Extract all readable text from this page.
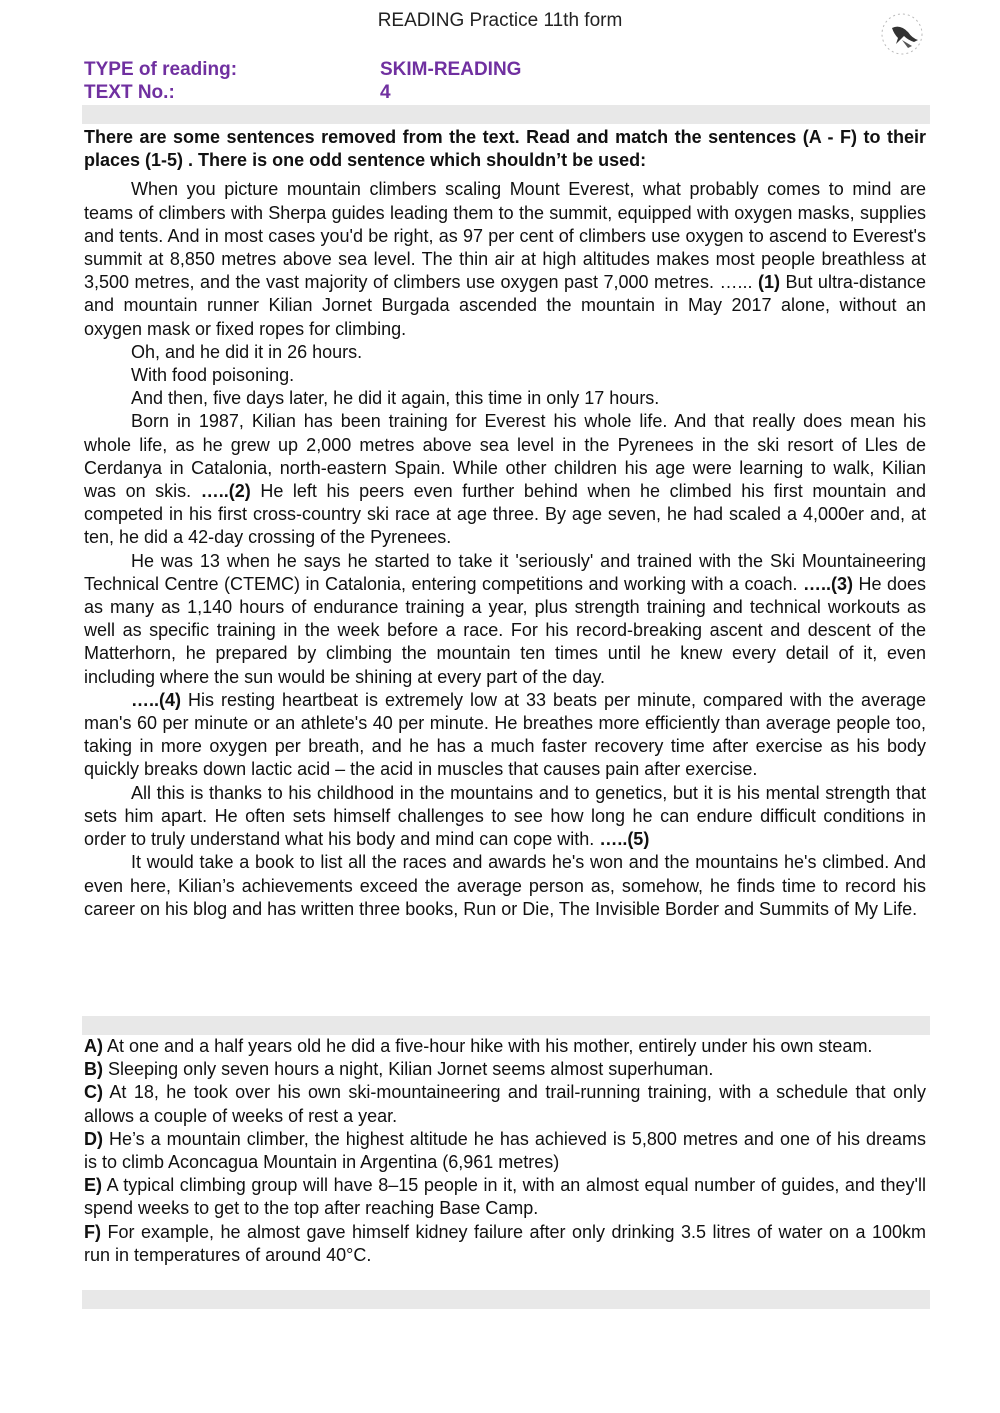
READING Practice 11th form
TYPE of reading:	SKIM-READING
TEXT No.:	4

There are some sentences removed from the text. Read and match the sentences (A - F) to their places (1-5) . There is one odd sentence which shouldn’t be used:

When you picture mountain climbers scaling Mount Everest, what probably comes to mind are teams of climbers with Sherpa guides leading them to the summit, equipped with oxygen masks, supplies and tents. And in most cases you'd be right, as 97 per cent of climbers use oxygen to ascend to Everest's summit at 8,850 metres above sea level. The thin air at high altitudes makes most people breathless at 3,500 metres, and the vast majority of climbers use oxygen past 7,000 metres. …... (1) But ultra-distance and mountain runner Kilian Jornet Burgada ascended the mountain in May 2017 alone, without an oxygen mask or fixed ropes for climbing.

Oh, and he did it in 26 hours.

With food poisoning.

And then, five days later, he did it again, this time in only 17 hours.

Born in 1987, Kilian has been training for Everest his whole life. And that really does mean his whole life, as he grew up 2,000 metres above sea level in the Pyrenees in the ski resort of Lles de Cerdanya in Catalonia, north-eastern Spain. While other children his age were learning to walk, Kilian was on skis. …..(2) He left his peers even further behind when he climbed his first mountain and competed in his first cross-country ski race at age three. By age seven, he had scaled a 4,000er and, at ten, he did a 42-day crossing of the Pyrenees.

He was 13 when he says he started to take it 'seriously' and trained with the Ski Mountaineering Technical Centre (CTEMC) in Catalonia, entering competitions and working with a coach. …..(3) He does as many as 1,140 hours of endurance training a year, plus strength training and technical workouts as well as specific training in the week before a race. For his record-breaking ascent and descent of the Matterhorn, he prepared by climbing the mountain ten times until he knew every detail of it, even including where the sun would be shining at every part of the day.

…..(4) His resting heartbeat is extremely low at 33 beats per minute, compared with the average man's 60 per minute or an athlete's 40 per minute. He breathes more efficiently than average people too, taking in more oxygen per breath, and he has a much faster recovery time after exercise as his body quickly breaks down lactic acid – the acid in muscles that causes pain after exercise.

All this is thanks to his childhood in the mountains and to genetics, but it is his mental strength that sets him apart. He often sets himself challenges to see how long he can endure difficult conditions in order to truly understand what his body and mind can cope with. …..(5)

It would take a book to list all the races and awards he's won and the mountains he's climbed. And even here, Kilian’s achievements exceed the average person as, somehow, he finds time to record his career on his blog and has written three books, Run or Die, The Invisible Border and Summits of My Life.

A) At one and a half years old he did a five-hour hike with his mother, entirely under his own steam.

B) Sleeping only seven hours a night, Kilian Jornet seems almost superhuman.

C) At 18, he took over his own ski-mountaineering and trail-running training, with a schedule that only allows a couple of weeks of rest a year.

D) He’s a mountain climber, the highest altitude he has achieved is 5,800 metres and one of his dreams is to climb Aconcagua Mountain in Argentina (6,961 metres)

E) A typical climbing group will have 8–15 people in it, with an almost equal number of guides, and they'll spend weeks to get to the top after reaching Base Camp.

F) For example, he almost gave himself kidney failure after only drinking 3.5 litres of water on a 100km run in temperatures of around 40°C.
